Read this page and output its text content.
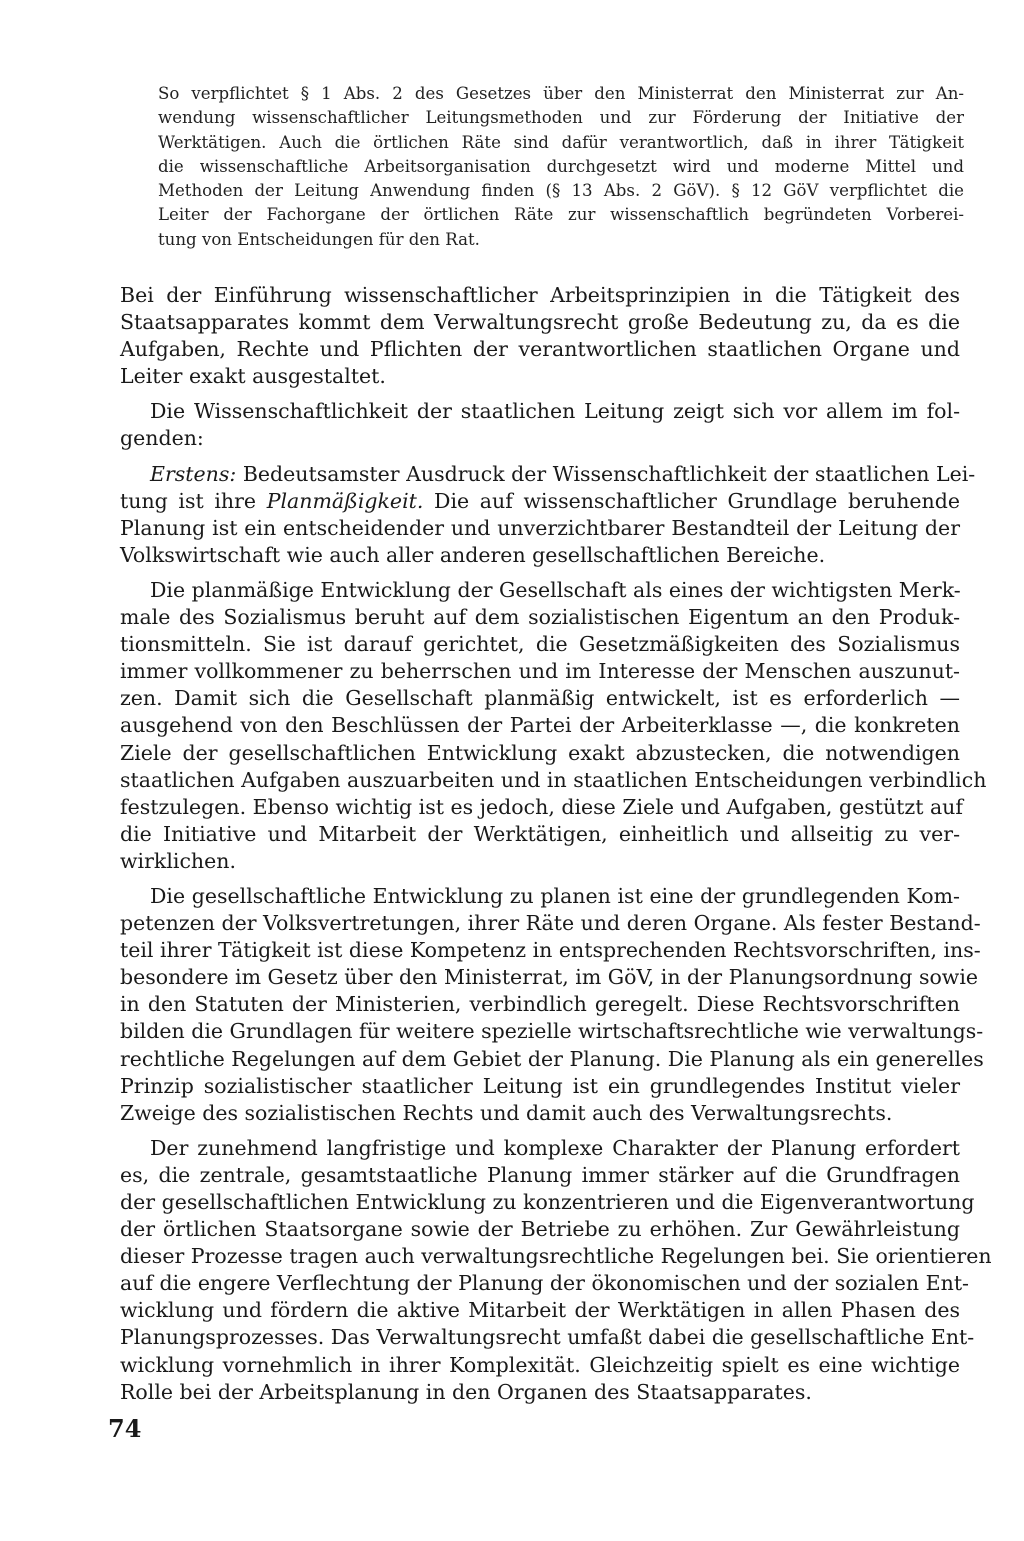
So verpflichtet § 1 Abs. 2 des Gesetzes über den Ministerrat den Ministerrat zur An-
wendung wissenschaftlicher Leitungsmethoden und zur Förderung der Initiative der
Werktätigen. Auch die örtlichen Räte sind dafür verantwortlich, daß in ihrer Tätigkeit
die wissenschaftliche Arbeitsorganisation durchgesetzt wird und moderne Mittel und
Methoden der Leitung Anwendung finden (§ 13 Abs. 2 GöV). § 12 GöV verpflichtet die
Leiter der Fachorgane der örtlichen Räte zur wissenschaftlich begründeten Vorberei-
tung von Entscheidungen für den Rat.
Bei der Einführung wissenschaftlicher Arbeitsprinzipien in die Tätigkeit des
Staatsapparates kommt dem Verwaltungsrecht große Bedeutung zu, da es die
Aufgaben, Rechte und Pflichten der verantwortlichen staatlichen Organe und
Leiter exakt ausgestaltet.
Die Wissenschaftlichkeit der staatlichen Leitung zeigt sich vor allem im fol-
genden:
Erstens: Bedeutsamster Ausdruck der Wissenschaftlichkeit der staatlichen Lei-
tung ist ihre Planmäßigkeit. Die auf wissenschaftlicher Grundlage beruhende
Planung ist ein entscheidender und unverzichtbarer Bestandteil der Leitung der
Volkswirtschaft wie auch aller anderen gesellschaftlichen Bereiche.
Die planmäßige Entwicklung der Gesellschaft als eines der wichtigsten Merk-
male des Sozialismus beruht auf dem sozialistischen Eigentum an den Produk-
tionsmitteln. Sie ist darauf gerichtet, die Gesetzmäßigkeiten des Sozialismus
immer vollkommener zu beherrschen und im Interesse der Menschen auszunut-
zen. Damit sich die Gesellschaft planmäßig entwickelt, ist es erforderlich —
ausgehend von den Beschlüssen der Partei der Arbeiterklasse —, die konkreten
Ziele der gesellschaftlichen Entwicklung exakt abzustecken, die notwendigen
staatlichen Aufgaben auszuarbeiten und in staatlichen Entscheidungen verbindlich
festzulegen. Ebenso wichtig ist es jedoch, diese Ziele und Aufgaben, gestützt auf
die Initiative und Mitarbeit der Werktätigen, einheitlich und allseitig zu ver-
wirklichen.
Die gesellschaftliche Entwicklung zu planen ist eine der grundlegenden Kom-
petenzen der Volksvertretungen, ihrer Räte und deren Organe. Als fester Bestand-
teil ihrer Tätigkeit ist diese Kompetenz in entsprechenden Rechtsvorschriften, ins-
besondere im Gesetz über den Ministerrat, im GöV, in der Planungsordnung sowie
in den Statuten der Ministerien, verbindlich geregelt. Diese Rechtsvorschriften
bilden die Grundlagen für weitere spezielle wirtschaftsrechtliche wie verwaltungs-
rechtliche Regelungen auf dem Gebiet der Planung. Die Planung als ein generelles
Prinzip sozialistischer staatlicher Leitung ist ein grundlegendes Institut vieler
Zweige des sozialistischen Rechts und damit auch des Verwaltungsrechts.
Der zunehmend langfristige und komplexe Charakter der Planung erfordert
es, die zentrale, gesamtstaatliche Planung immer stärker auf die Grundfragen
der gesellschaftlichen Entwicklung zu konzentrieren und die Eigenverantwortung
der örtlichen Staatsorgane sowie der Betriebe zu erhöhen. Zur Gewährleistung
dieser Prozesse tragen auch verwaltungsrechtliche Regelungen bei. Sie orientieren
auf die engere Verflechtung der Planung der ökonomischen und der sozialen Ent-
wicklung und fördern die aktive Mitarbeit der Werktätigen in allen Phasen des
Planungsprozesses. Das Verwaltungsrecht umfaßt dabei die gesellschaftliche Ent-
wicklung vornehmlich in ihrer Komplexität. Gleichzeitig spielt es eine wichtige
Rolle bei der Arbeitsplanung in den Organen des Staatsapparates.
74
